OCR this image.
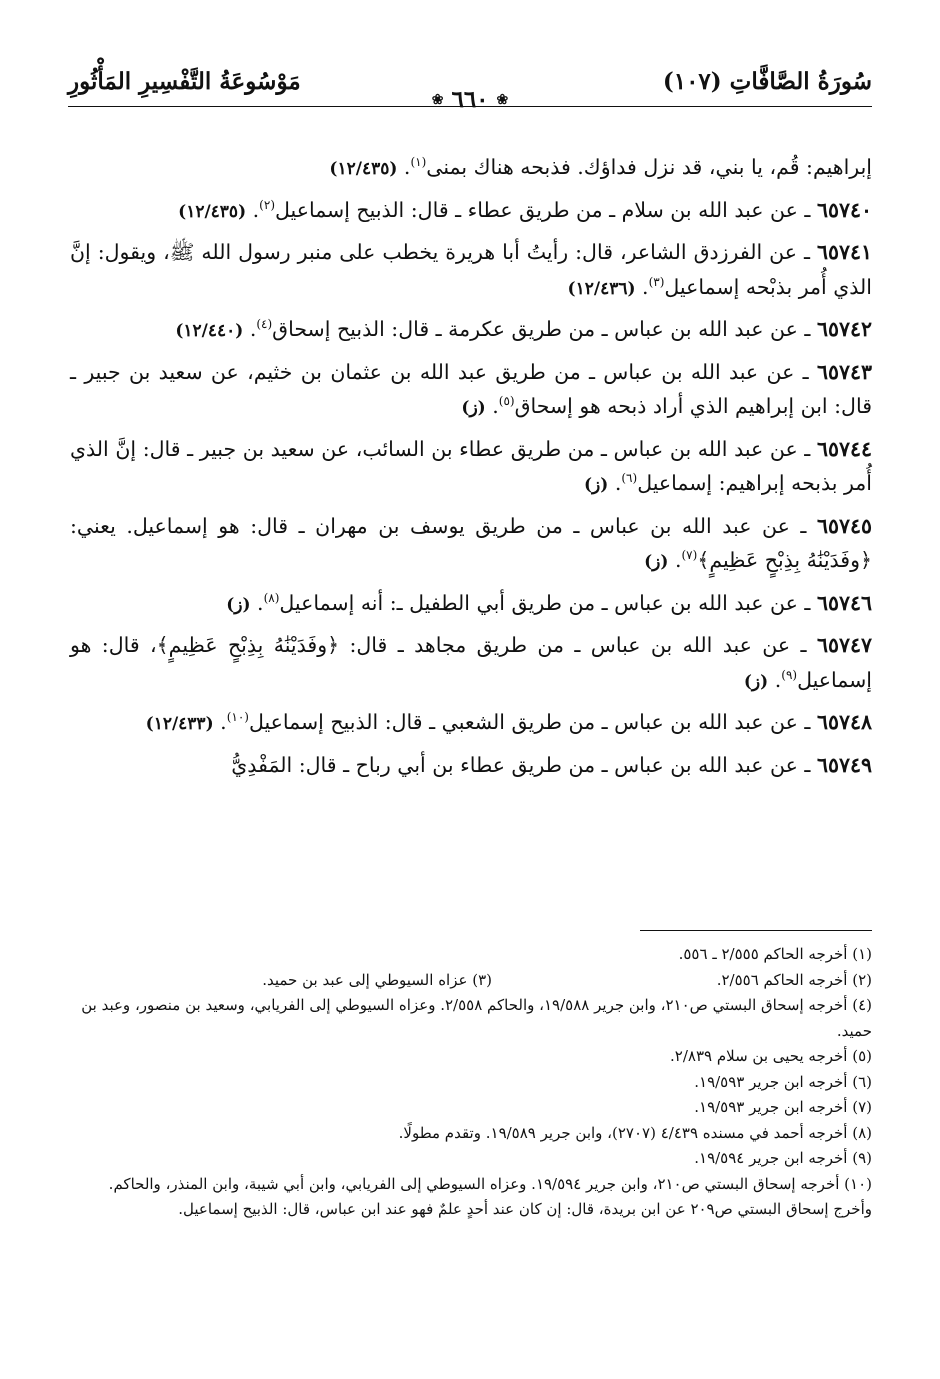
سُورَةُ الصَّافَّاتِ (١٠٧)
❀
٦٦٠
❀
مَوْسُوعَةُ التَّفْسِيرِ المَأْثُورِ

إبراهيم: قُم، يا بني، قد نزل فداؤك. فذبحه هناك بمنى$^{(١)}$. (١٢/٤٣٥)

٦٥٧٤٠ ـ عن عبد الله بن سلام ـ من طريق عطاء ـ قال: الذبيح إسماعيل$^{(٢)}$. (١٢/٤٣٥)

٦٥٧٤١ ـ عن الفرزدق الشاعر، قال: رأيتُ أبا هريرة يخطب على منبر رسول الله ﷺ، ويقول: إنَّ الذي أُمر بذبْحه إسماعيل$^{(٣)}$. (١٢/٤٣٦)

٦٥٧٤٢ ـ عن عبد الله بن عباس ـ من طريق عكرمة ـ قال: الذبيح إسحاق$^{(٤)}$. (١٢/٤٤٠)

٦٥٧٤٣ ـ عن عبد الله بن عباس ـ من طريق عبد الله بن عثمان بن خثيم، عن سعيد بن جبير ـ قال: ابن إبراهيم الذي أراد ذبحه هو إسحاق$^{(٥)}$. (ز)

٦٥٧٤٤ ـ عن عبد الله بن عباس ـ من طريق عطاء بن السائب، عن سعيد بن جبير ـ قال: إنَّ الذي أُمر بذبحه إبراهيم: إسماعيل$^{(٦)}$. (ز)

٦٥٧٤٥ ـ عن عبد الله بن عباس ـ من طريق يوسف بن مهران ـ قال: هو إسماعيل. يعني: ﴿وفَدَيْنَٰهُ بِذِبْحٍ عَظِيمٍ﴾$^{(٧)}$. (ز)

٦٥٧٤٦ ـ عن عبد الله بن عباس ـ من طريق أبي الطفيل ـ: أنه إسماعيل$^{(٨)}$. (ز)

٦٥٧٤٧ ـ عن عبد الله بن عباس ـ من طريق مجاهد ـ قال: ﴿وفَدَيْنَٰهُ بِذِبْحٍ عَظِيمٍ﴾، قال: هو إسماعيل$^{(٩)}$. (ز)

٦٥٧٤٨ ـ عن عبد الله بن عباس ـ من طريق الشعبي ـ قال: الذبيح إسماعيل$^{(١٠)}$. (١٢/٤٣٣)

٦٥٧٤٩ ـ عن عبد الله بن عباس ـ من طريق عطاء بن أبي رباح ـ قال: المَفْدِيُّ

(١) أخرجه الحاكم ٢/٥٥٥ ـ ٥٥٦.

(٢) أخرجه الحاكم ٢/٥٥٦.

(٣) عزاه السيوطي إلى عبد بن حميد.

(٤) أخرجه إسحاق البستي ص٢١٠، وابن جرير ١٩/٥٨٨، والحاكم ٢/٥٥٨. وعزاه السيوطي إلى الفريابي، وسعيد بن منصور، وعبد بن حميد.

(٥) أخرجه يحيى بن سلام ٢/٨٣٩.

(٦) أخرجه ابن جرير ١٩/٥٩٣.

(٧) أخرجه ابن جرير ١٩/٥٩٣.

(٨) أخرجه أحمد في مسنده ٤/٤٣٩ (٢٧٠٧)، وابن جرير ١٩/٥٨٩. وتقدم مطولًا.

(٩) أخرجه ابن جرير ١٩/٥٩٤.

(١٠) أخرجه إسحاق البستي ص٢١٠، وابن جرير ١٩/٥٩٤. وعزاه السيوطي إلى الفريابي، وابن أبي شيبة، وابن المنذر، والحاكم. وأخرج إسحاق البستي ص٢٠٩ عن ابن بريدة، قال: إن كان عند أحدٍ علمٌ فهو عند ابن عباس، قال: الذبيح إسماعيل.
